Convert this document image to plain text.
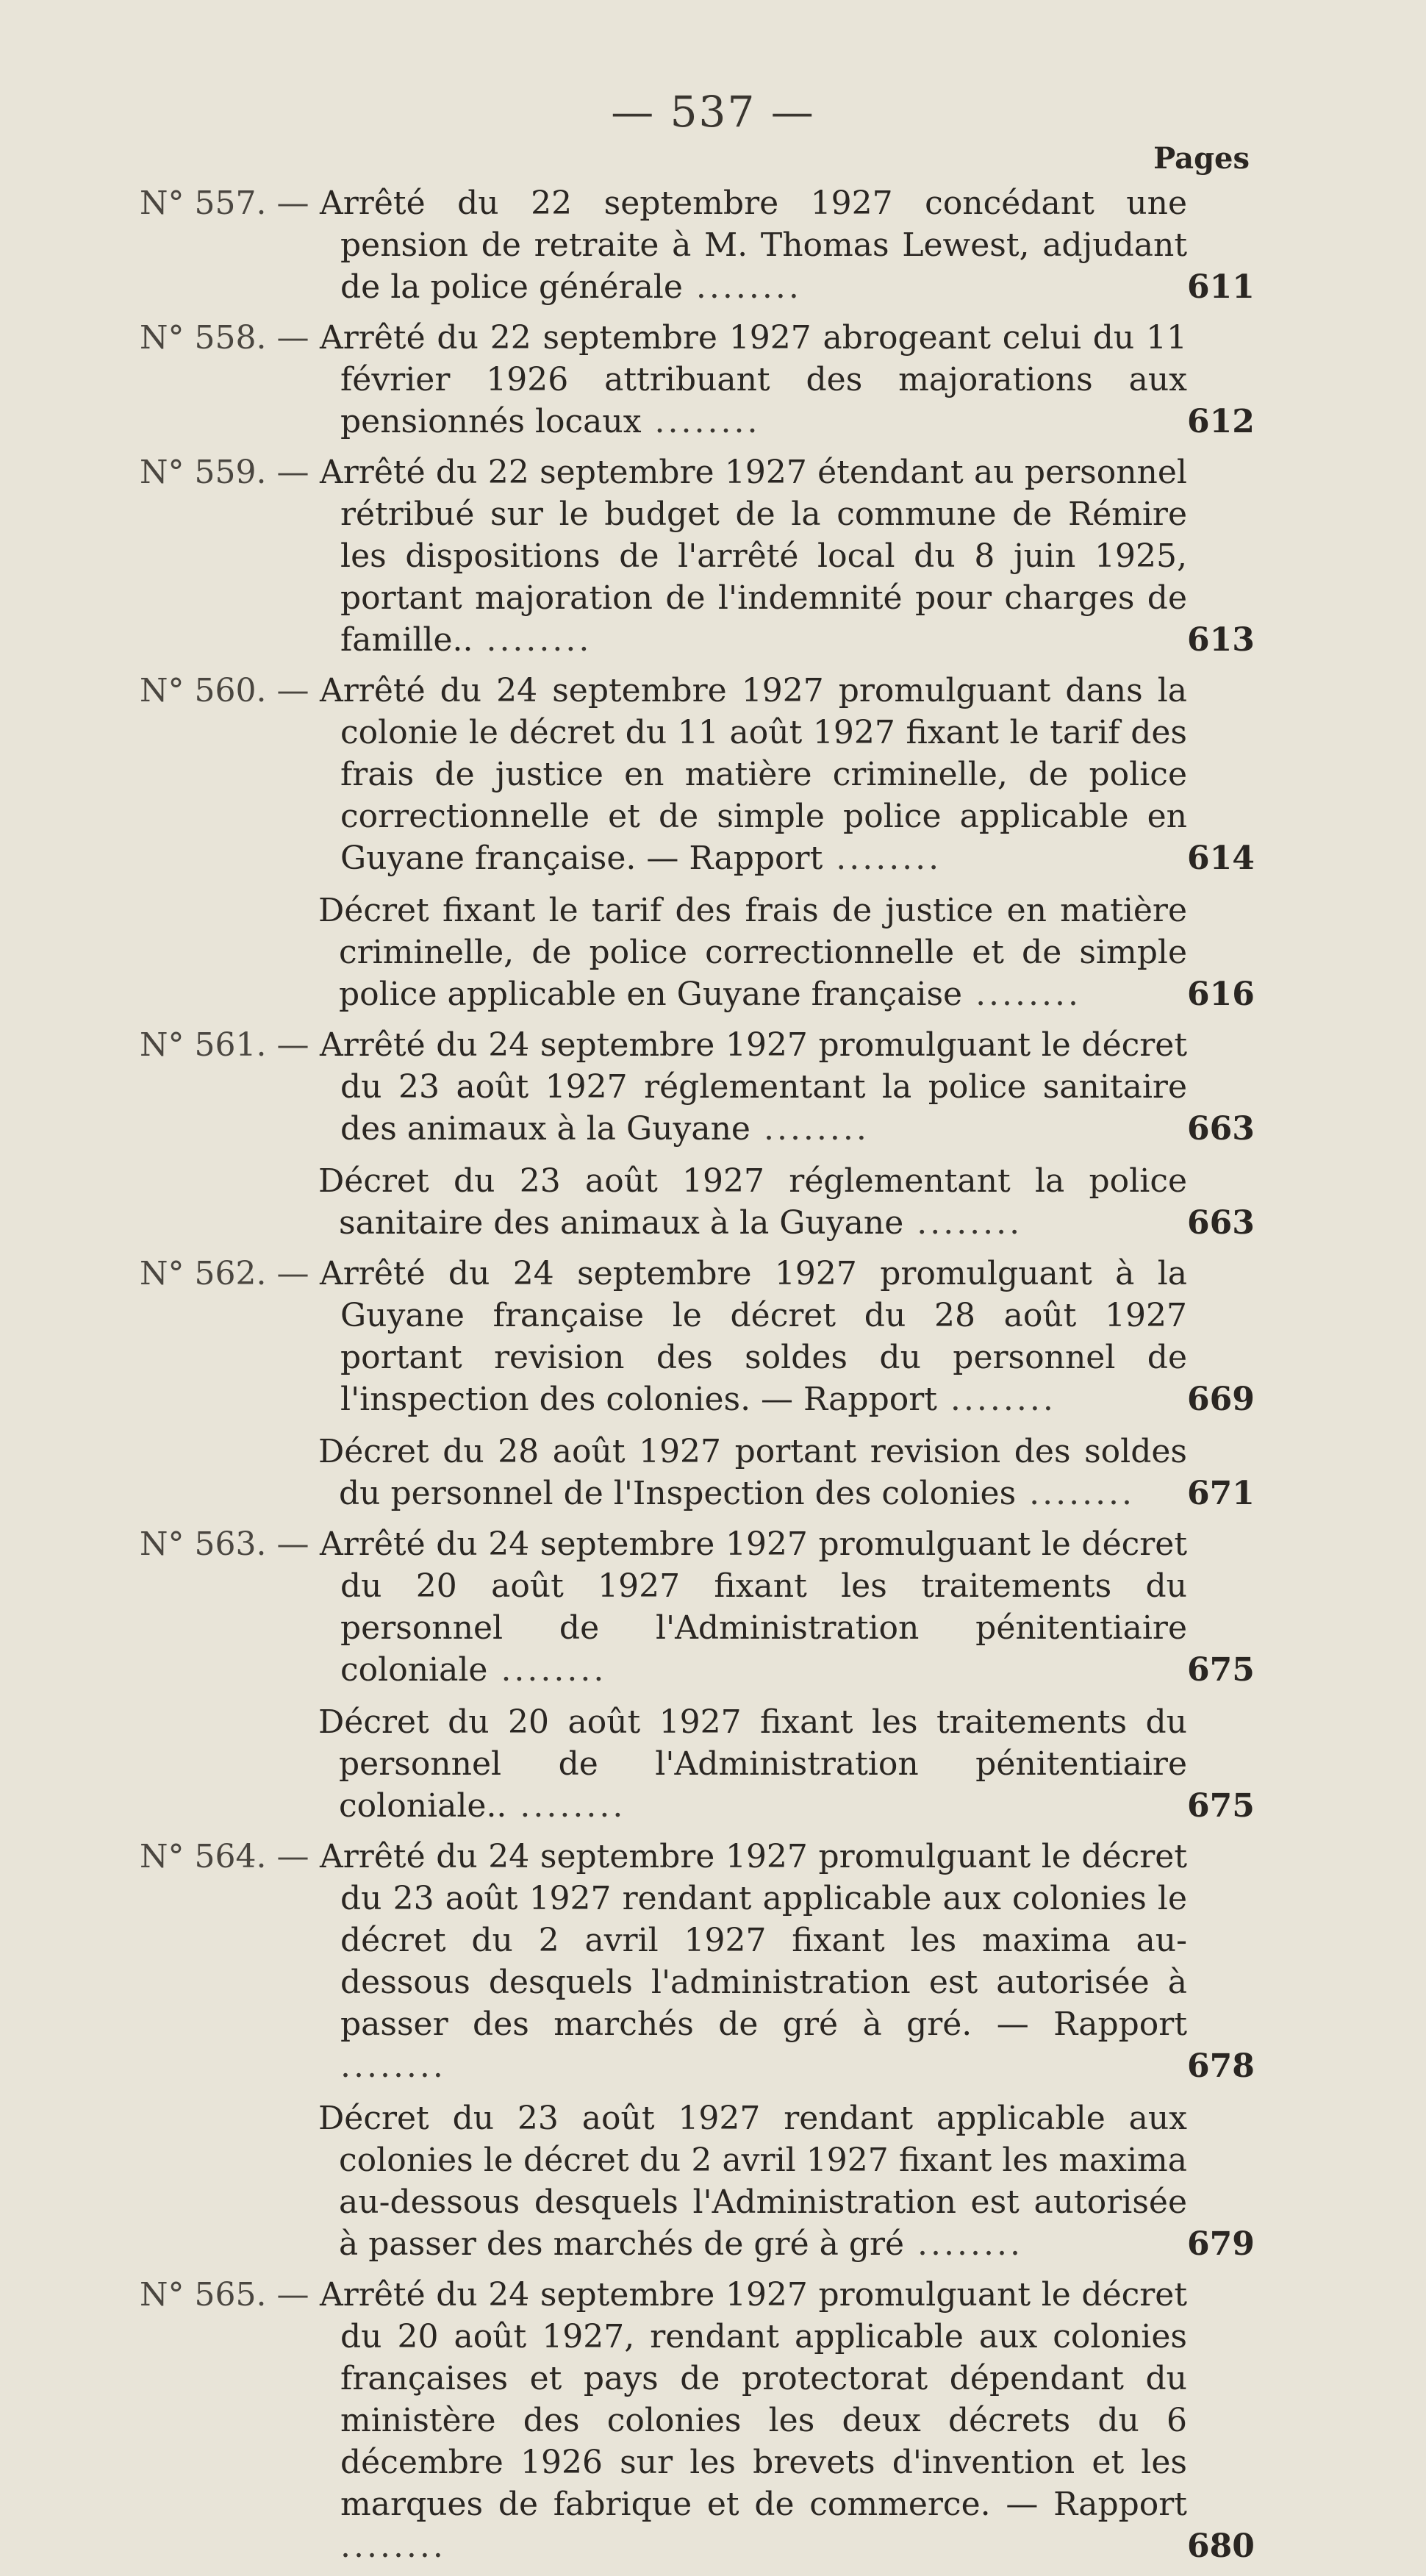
— 537 —
Pages
N° 557. — Arrêté du 22 septembre 1927 concédant une pension de retraite à M. Thomas Lewest, adjudant de la police générale ........	611
N° 558. — Arrêté du 22 septembre 1927 abrogeant celui du 11 février 1926 attribuant des majorations aux pensionnés locaux ........	612
N° 559. — Arrêté du 22 septembre 1927 étendant au personnel rétribué sur le budget de la commune de Rémire les dispositions de l'arrêté local du 8 juin 1925, portant majoration de l'indemnité pour charges de famille.. ........	613
N° 560. — Arrêté du 24 septembre 1927 promulguant dans la colonie le décret du 11 août 1927 fixant le tarif des frais de justice en matière criminelle, de police correctionnelle et de simple police applicable en Guyane française. — Rapport ........	614
Décret fixant le tarif des frais de justice en matière criminelle, de police correctionnelle et de simple police applicable en Guyane française ........	616
N° 561. — Arrêté du 24 septembre 1927 promulguant le décret du 23 août 1927 réglementant la police sanitaire des animaux à la Guyane ........	663
Décret du 23 août 1927 réglementant la police sanitaire des animaux à la Guyane ........	663
N° 562. — Arrêté du 24 septembre 1927 promulguant à la Guyane française le décret du 28 août 1927 portant revision des soldes du personnel de l'inspection des colonies. — Rapport ........	669
Décret du 28 août 1927 portant revision des soldes du personnel de l'Inspection des colonies ........	671
N° 563. — Arrêté du 24 septembre 1927 promulguant le décret du 20 août 1927 fixant les traitements du personnel de l'Administration pénitentiaire coloniale ........	675
Décret du 20 août 1927 fixant les traitements du personnel de l'Administration pénitentiaire coloniale.. ........	675
N° 564. — Arrêté du 24 septembre 1927 promulguant le décret du 23 août 1927 rendant applicable aux colonies le décret du 2 avril 1927 fixant les maxima au-dessous desquels l'administration est autorisée à passer des marchés de gré à gré. — Rapport ........	678
Décret du 23 août 1927 rendant applicable aux colonies le décret du 2 avril 1927 fixant les maxima au-dessous desquels l'Administration est autorisée à passer des marchés de gré à gré ........	679
N° 565. — Arrêté du 24 septembre 1927 promulguant le décret du 20 août 1927, rendant applicable aux colonies françaises et pays de protectorat dépendant du ministère des colonies les deux décrets du 6 décembre 1926 sur les brevets d'invention et les marques de fabrique et de commerce. — Rapport ........	680
